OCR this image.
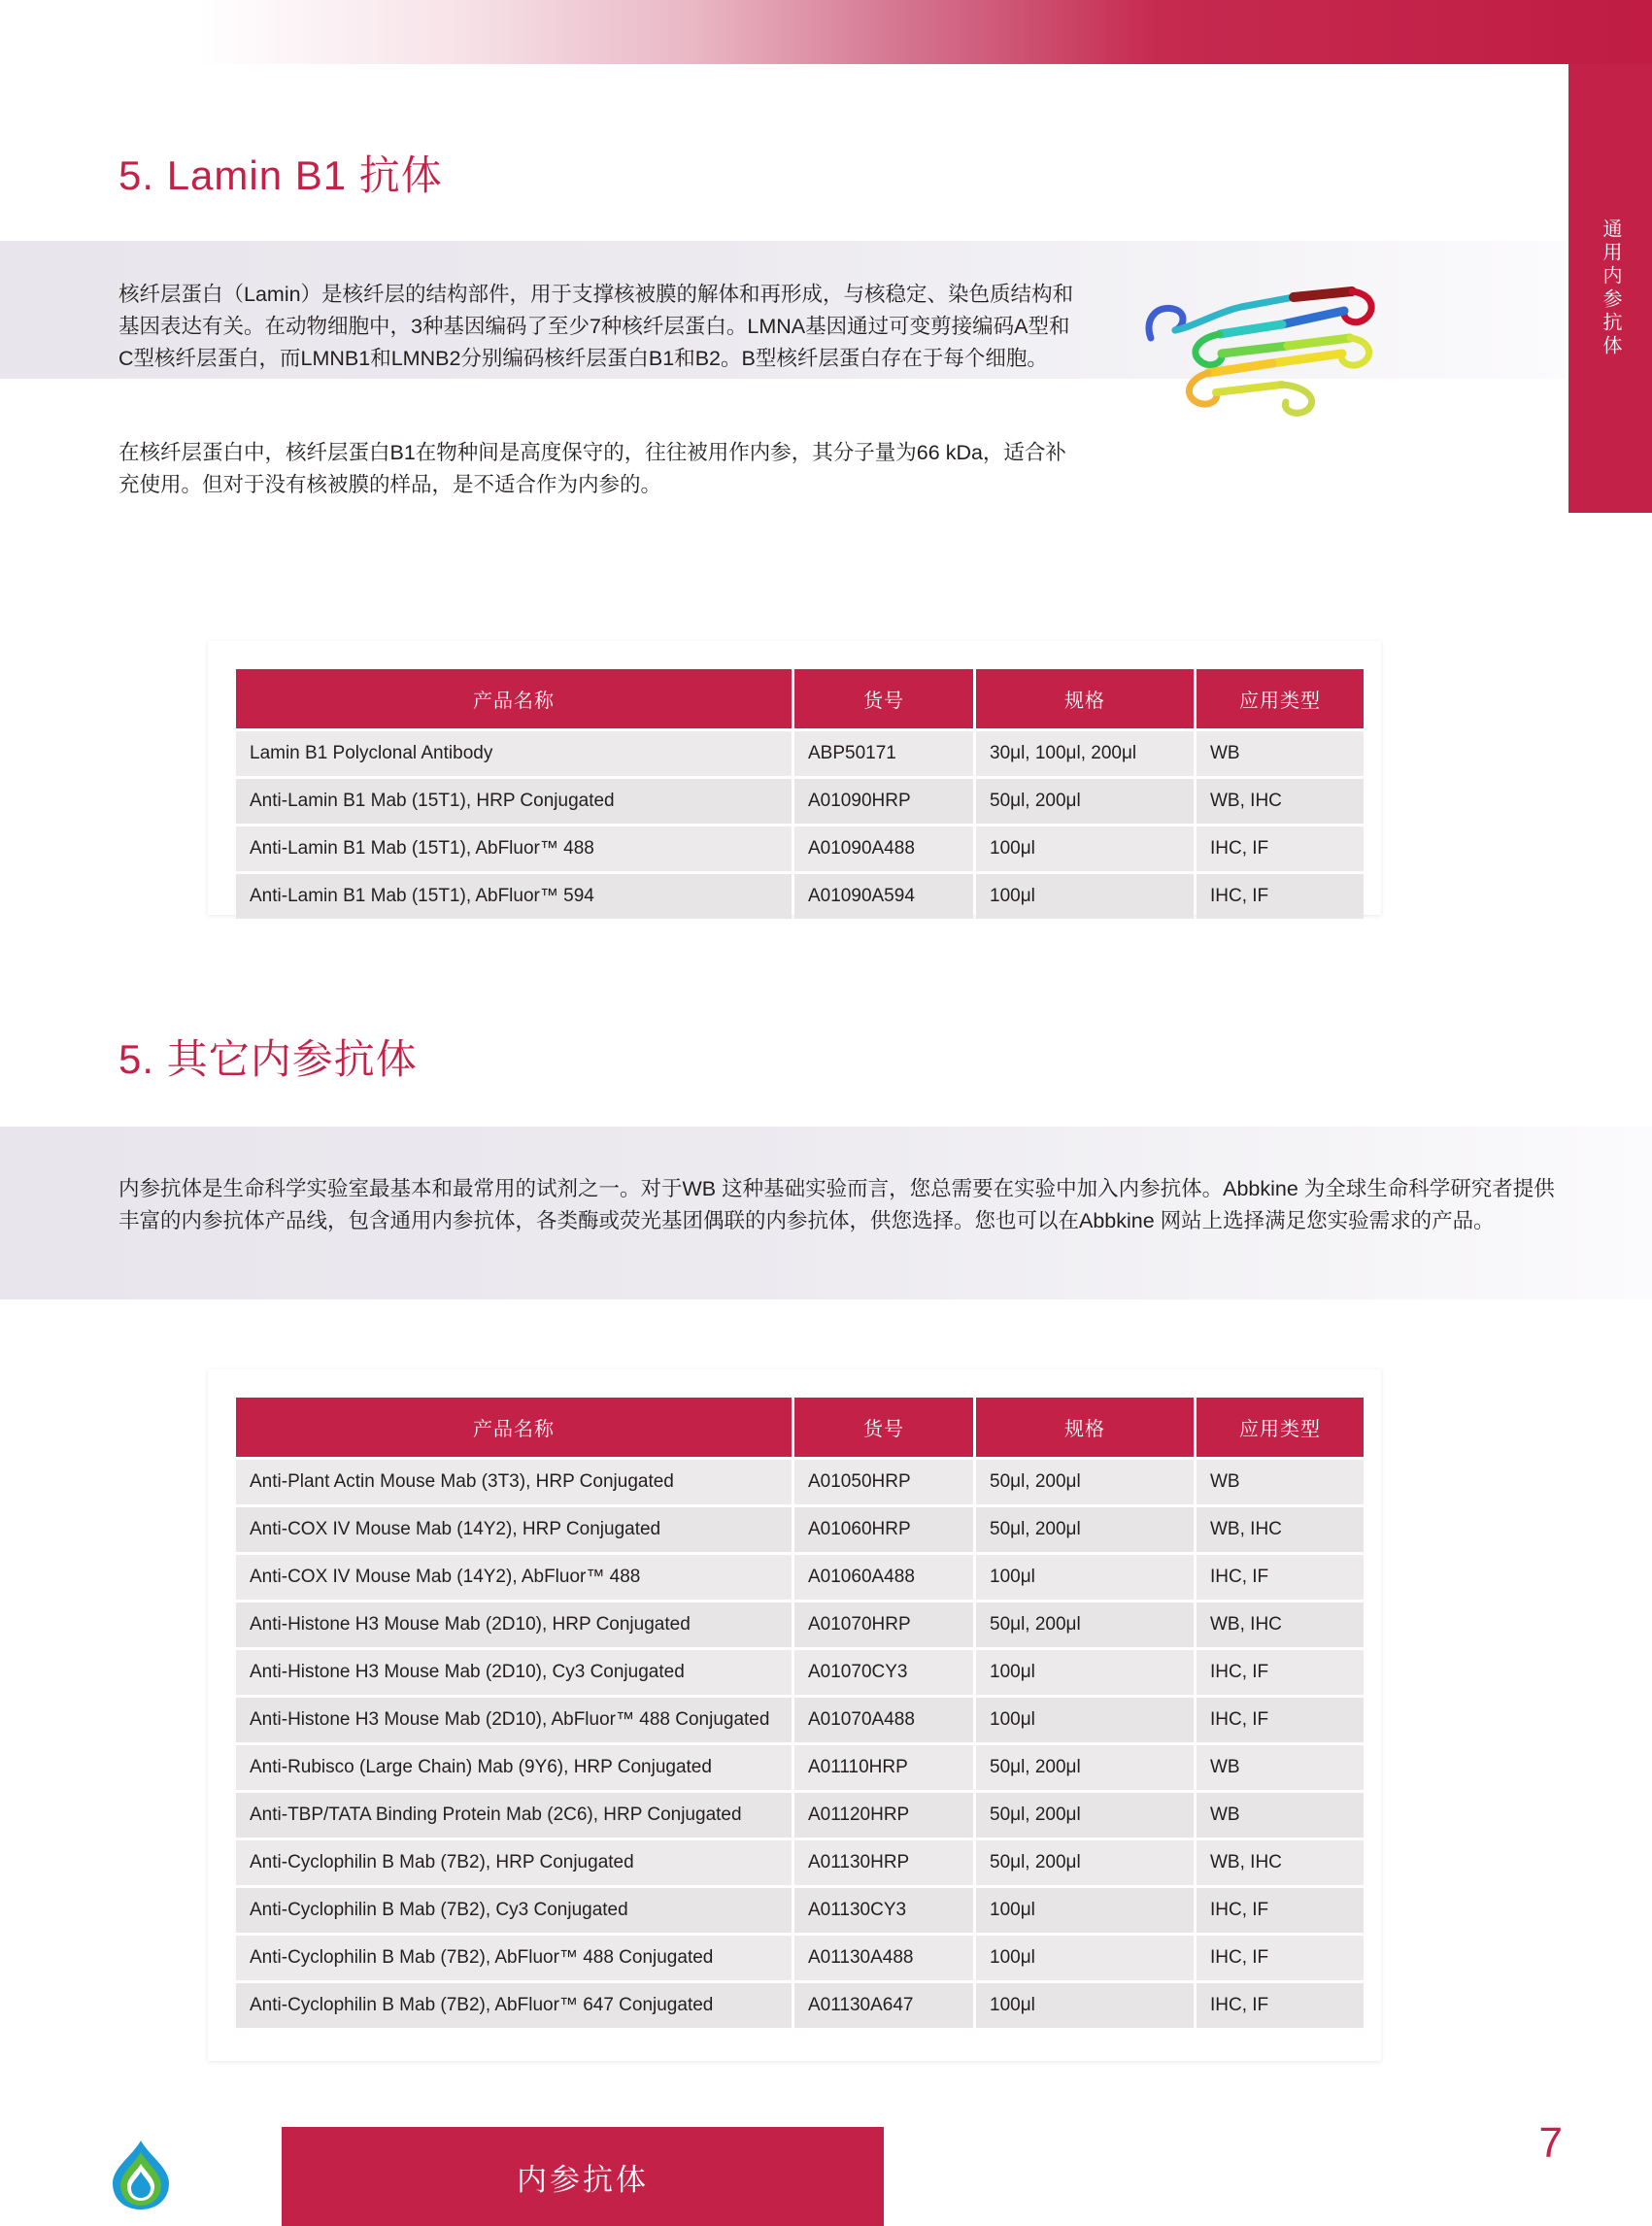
通用内参抗体
5. Lamin B1 抗体
核纤层蛋白（Lamin）是核纤层的结构部件，用于支撑核被膜的解体和再形成，与核稳定、染色质结构和基因表达有关。在动物细胞中，3种基因编码了至少7种核纤层蛋白。LMNA基因通过可变剪接编码A型和C型核纤层蛋白，而LMNB1和LMNB2分别编码核纤层蛋白B1和B2。B型核纤层蛋白存在于每个细胞。
在核纤层蛋白中，核纤层蛋白B1在物种间是高度保守的，往往被用作内参，其分子量为66 kDa，适合补充使用。但对于没有核被膜的样品，是不适合作为内参的。
产品名称	货号	规格	应用类型
Lamin B1 Polyclonal Antibody	ABP50171	30μl, 100μl, 200μl	WB
Anti-Lamin B1 Mab (15T1), HRP Conjugated	A01090HRP	50μl, 200μl	WB, IHC
Anti-Lamin B1 Mab (15T1), AbFluor™ 488	A01090A488	100μl	IHC, IF
Anti-Lamin B1 Mab (15T1), AbFluor™ 594	A01090A594	100μl	IHC, IF
5. 其它内参抗体
内参抗体是生命科学实验室最基本和最常用的试剂之一。对于WB 这种基础实验而言，您总需要在实验中加入内参抗体。Abbkine 为全球生命科学研究者提供丰富的内参抗体产品线，包含通用内参抗体，各类酶或荧光基团偶联的内参抗体，供您选择。您也可以在Abbkine 网站上选择满足您实验需求的产品。
产品名称	货号	规格	应用类型
Anti-Plant Actin Mouse Mab (3T3), HRP Conjugated	A01050HRP	50μl, 200μl	WB
Anti-COX IV Mouse Mab (14Y2), HRP Conjugated	A01060HRP	50μl, 200μl	WB, IHC
Anti-COX IV Mouse Mab (14Y2), AbFluor™ 488	A01060A488	100μl	IHC, IF
Anti-Histone H3 Mouse Mab (2D10), HRP Conjugated	A01070HRP	50μl, 200μl	WB, IHC
Anti-Histone H3 Mouse Mab (2D10), Cy3 Conjugated	A01070CY3	100μl	IHC, IF
Anti-Histone H3 Mouse Mab (2D10), AbFluor™ 488 Conjugated	A01070A488	100μl	IHC, IF
Anti-Rubisco (Large Chain) Mab (9Y6), HRP Conjugated	A01110HRP	50μl, 200μl	WB
Anti-TBP/TATA Binding Protein Mab (2C6), HRP Conjugated	A01120HRP	50μl, 200μl	WB
Anti-Cyclophilin B Mab (7B2), HRP Conjugated	A01130HRP	50μl, 200μl	WB, IHC
Anti-Cyclophilin B Mab (7B2), Cy3 Conjugated	A01130CY3	100μl	IHC, IF
Anti-Cyclophilin B Mab (7B2), AbFluor™ 488 Conjugated	A01130A488	100μl	IHC, IF
Anti-Cyclophilin B Mab (7B2), AbFluor™ 647 Conjugated	A01130A647	100μl	IHC, IF
内参抗体
7
